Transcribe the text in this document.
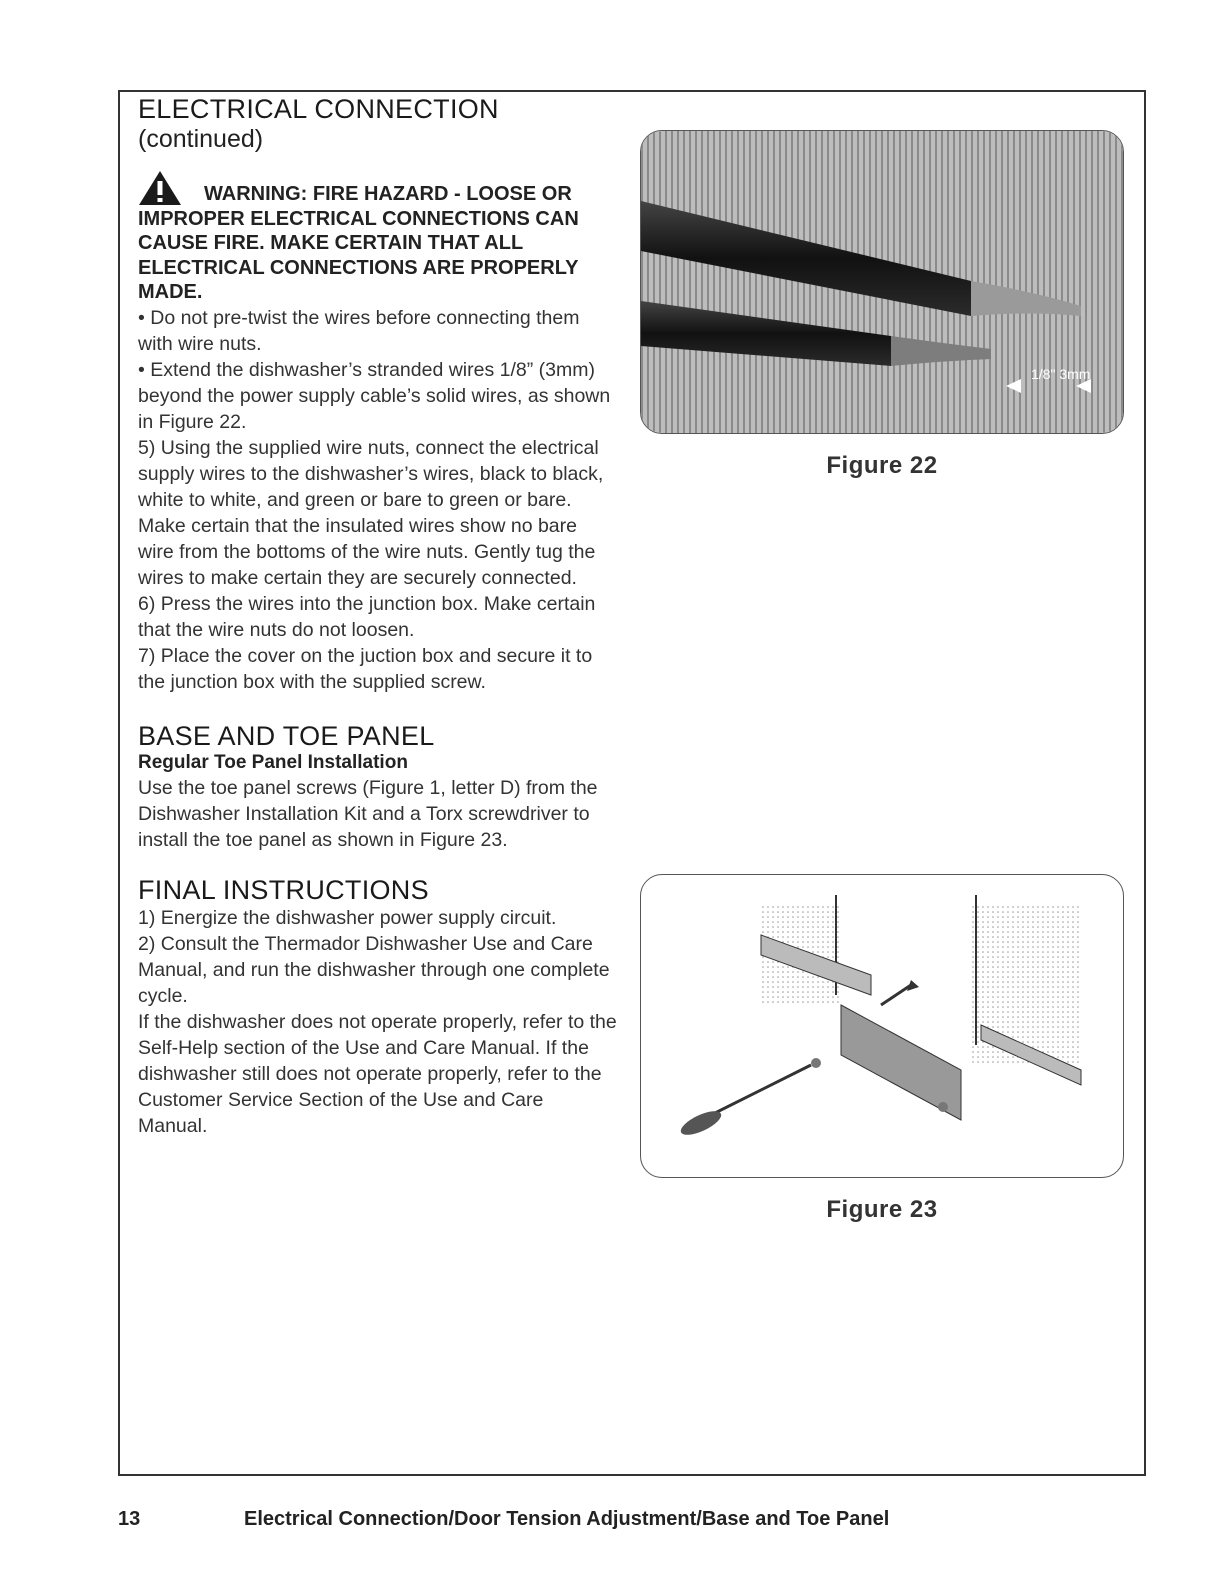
ELECTRICAL CONNECTION
(continued)

WARNING: FIRE HAZARD - LOOSE OR IMPROPER ELECTRICAL CONNECTIONS CAN CAUSE FIRE. MAKE CERTAIN THAT ALL ELECTRICAL CONNECTIONS ARE PROPERLY MADE.

• Do not pre-twist the wires before connecting them with wire nuts.

• Extend the dishwasher’s stranded wires 1/8” (3mm) beyond the power supply cable’s solid wires, as shown in Figure 22.

5) Using the supplied wire nuts, connect the electrical supply wires to the dishwasher’s wires, black to black, white to white, and green or bare to green or bare. Make certain that the insulated wires show no bare wire from the bottoms of the wire nuts. Gently tug the wires to make certain they are securely connected.

6) Press the wires into the junction box. Make certain that the wire nuts do not loosen.

7) Place the cover on the juction box and secure it to the junction box with the supplied screw.

BASE AND TOE PANEL
Regular Toe Panel Installation

Use the toe panel screws (Figure 1, letter D) from the Dishwasher Installation Kit and a Torx screwdriver to install the toe panel as shown in Figure 23.

FINAL INSTRUCTIONS

1) Energize the dishwasher power supply circuit.

2) Consult the Thermador Dishwasher Use and Care Manual, and run the dishwasher through one complete cycle.

If the dishwasher does not operate properly, refer to the Self-Help section of the Use and Care Manual. If the dishwasher still does not operate properly, refer to the Customer Service Section of the Use and Care Manual.

1/8" 3mm
Figure 22
Figure 23
13	Electrical Connection/Door Tension Adjustment/Base and Toe Panel
